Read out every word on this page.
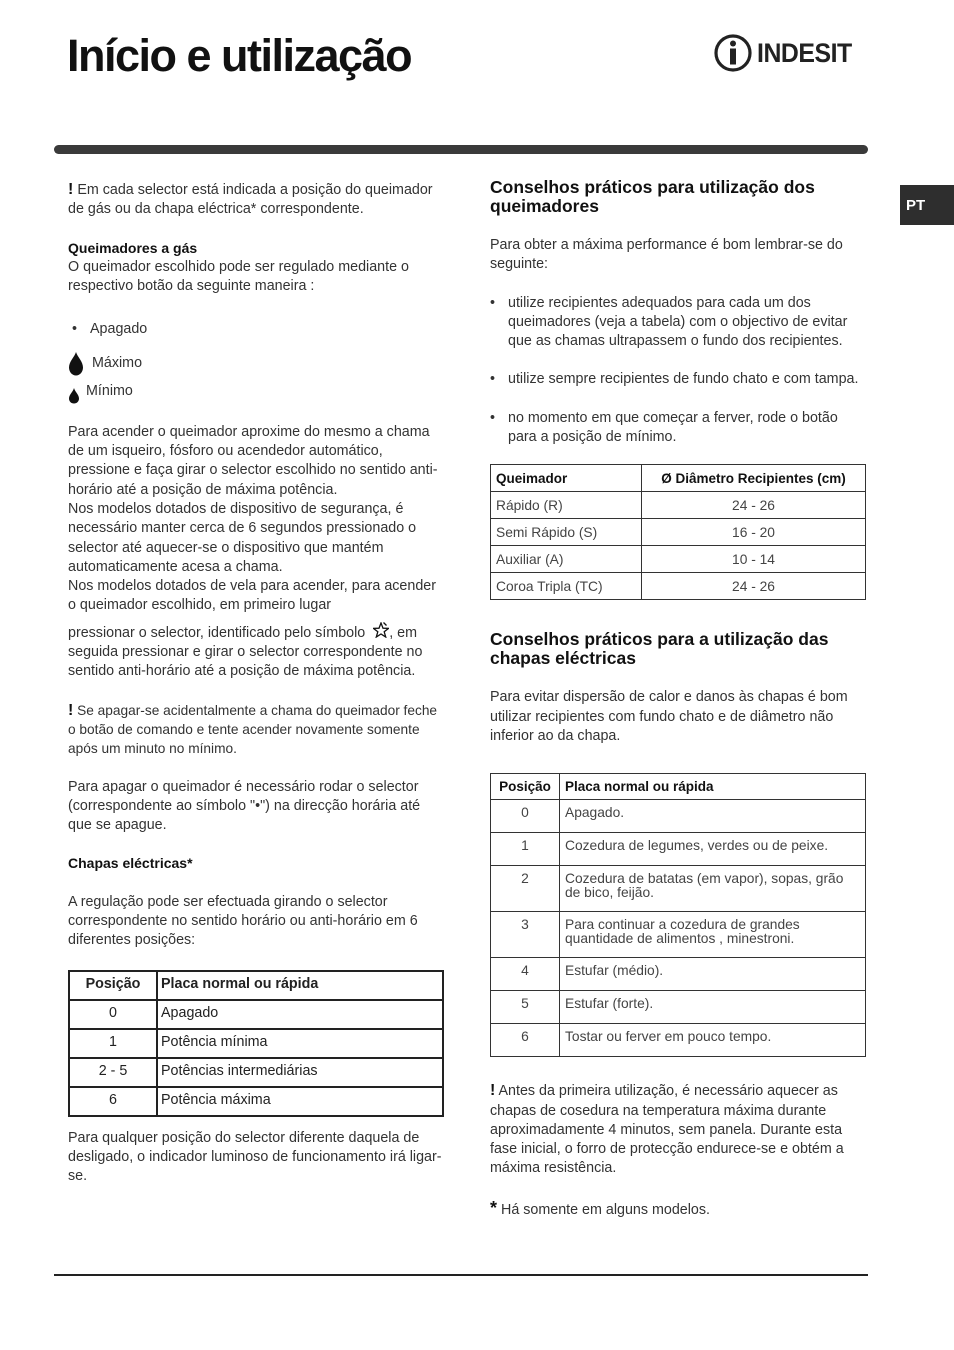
Início e utilização	INDESIT
PT

! Em cada selector está indicada a posição do queimador de gás ou da chapa eléctrica* correspondente.

Queimadores a gás

O queimador escolhido pode ser regulado mediante o respectivo botão da seguinte maneira :

• Apagado
Máximo
Mínimo

Para acender o queimador aproxime do mesmo a chama de um isqueiro, fósforo ou acendedor automático, pressione e faça girar o selector escolhido no sentido anti-horário até a posição de máxima potência.

Nos modelos dotados de dispositivo de segurança, é necessário manter cerca de 6 segundos pressionado o selector até aquecer-se o dispositivo que mantém automaticamente acesa a chama.

Nos modelos dotados de vela para acender, para acender o queimador escolhido, em primeiro lugar

pressionar o selector, identificado pelo símbolo , em seguida pressionar e girar o selector correspondente no sentido anti-horário até a posição de máxima potência.

! Se apagar-se acidentalmente a chama do queimador feche o botão de comando e tente acender novamente somente após um minuto no mínimo.

Para apagar o queimador é necessário rodar o selector (correspondente ao símbolo "•") na direcção horária até que se apague.

Chapas eléctricas*

A regulação pode ser efectuada girando o selector correspondente no sentido horário ou anti-horário em 6 diferentes posições:

Posição	Placa normal ou rápida
0	Apagado
1	Potência mínima
2 - 5	Potências intermediárias
6	Potência máxima

Para qualquer posição do selector diferente daquela de desligado, o indicador luminoso de funcionamento irá ligar-se.

Conselhos práticos para utilização dos queimadores

Para obter a máxima performance é bom lembrar-se do seguinte:

• utilize recipientes adequados para cada um dos queimadores (veja a tabela) com o objectivo de evitar que as chamas ultrapassem o fundo dos recipientes.
• utilize sempre recipientes de fundo chato e com tampa.
• no momento em que começar a ferver, rode o botão para a posição de mínimo.
Queimador	Ø Diâmetro Recipientes (cm)
Rápido (R)	24 - 26
Semi Rápido (S)	16 - 20
Auxiliar (A)	10 - 14
Coroa Tripla (TC)	24 - 26

Conselhos práticos para a utilização das chapas eléctricas

Para evitar dispersão de calor e danos às chapas é bom utilizar recipientes com fundo chato e de diâmetro não inferior ao da chapa.

Posição	Placa normal ou rápida
0	Apagado.
1	Cozedura de legumes, verdes ou de peixe.
2	Cozedura de batatas (em vapor), sopas, grão de bico, feijão.
3	Para continuar a cozedura de grandes quantidade de alimentos , minestroni.
4	Estufar (médio).
5	Estufar (forte).
6	Tostar ou ferver em pouco tempo.

! Antes da primeira utilização, é necessário aquecer as chapas de cosedura na temperatura máxima durante aproximadamente 4 minutos, sem panela. Durante esta fase inicial, o forro de protecção endurece-se e obtém a máxima resistência.

* Há somente em alguns modelos.
